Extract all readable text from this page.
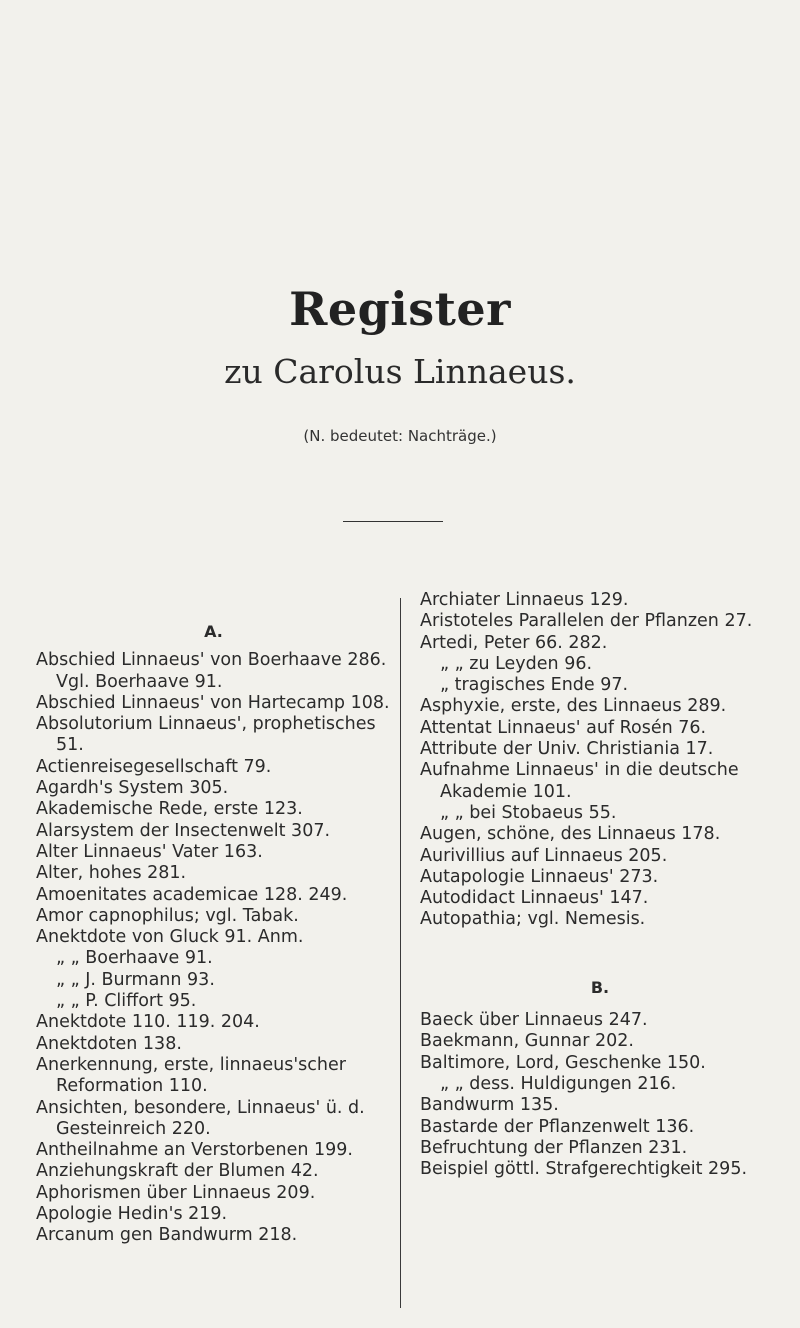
Register
zu Carolus Linnaeus.
(N. bedeutet: Nachträge.)
A.
Abschied Linnaeus' von Boerhaave 286. Vgl. Boerhaave 91.
Abschied Linnaeus' von Hartecamp 108.
Absolutorium Linnaeus', prophetisches 51.
Actienreisegesellschaft 79.
Agardh's System 305.
Akademische Rede, erste 123.
Alarsystem der Insectenwelt 307.
Alter Linnaeus' Vater 163.
Alter, hohes 281.
Amoenitates academicae 128. 249.
Amor capnophilus; vgl. Tabak.
Anektdote von Gluck 91. Anm.
„ „ Boerhaave 91.
„ „ J. Burmann 93.
„ „ P. Cliffort 95.
Anektdote 110. 119. 204.
Anektdoten 138.
Anerkennung, erste, linnaeus'scher Reformation 110.
Ansichten, besondere, Linnaeus' ü. d. Gesteinreich 220.
Antheilnahme an Verstorbenen 199.
Anziehungskraft der Blumen 42.
Aphorismen über Linnaeus 209.
Apologie Hedin's 219.
Arcanum gen Bandwurm 218.
Archiater Linnaeus 129.
Aristoteles Parallelen der Pflanzen 27.
Artedi, Peter 66. 282.
„ „ zu Leyden 96.
„ tragisches Ende 97.
Asphyxie, erste, des Linnaeus 289.
Attentat Linnaeus' auf Rosén 76.
Attribute der Univ. Christiania 17.
Aufnahme Linnaeus' in die deutsche Akademie 101.
„ „ bei Stobaeus 55.
Augen, schöne, des Linnaeus 178.
Aurivillius auf Linnaeus 205.
Autapologie Linnaeus' 273.
Autodidact Linnaeus' 147.
Autopathia; vgl. Nemesis.
B.
Baeck über Linnaeus 247.
Baekmann, Gunnar 202.
Baltimore, Lord, Geschenke 150.
„ „ dess. Huldigungen 216.
Bandwurm 135.
Bastarde der Pflanzenwelt 136.
Befruchtung der Pflanzen 231.
Beispiel göttl. Strafgerechtigkeit 295.
